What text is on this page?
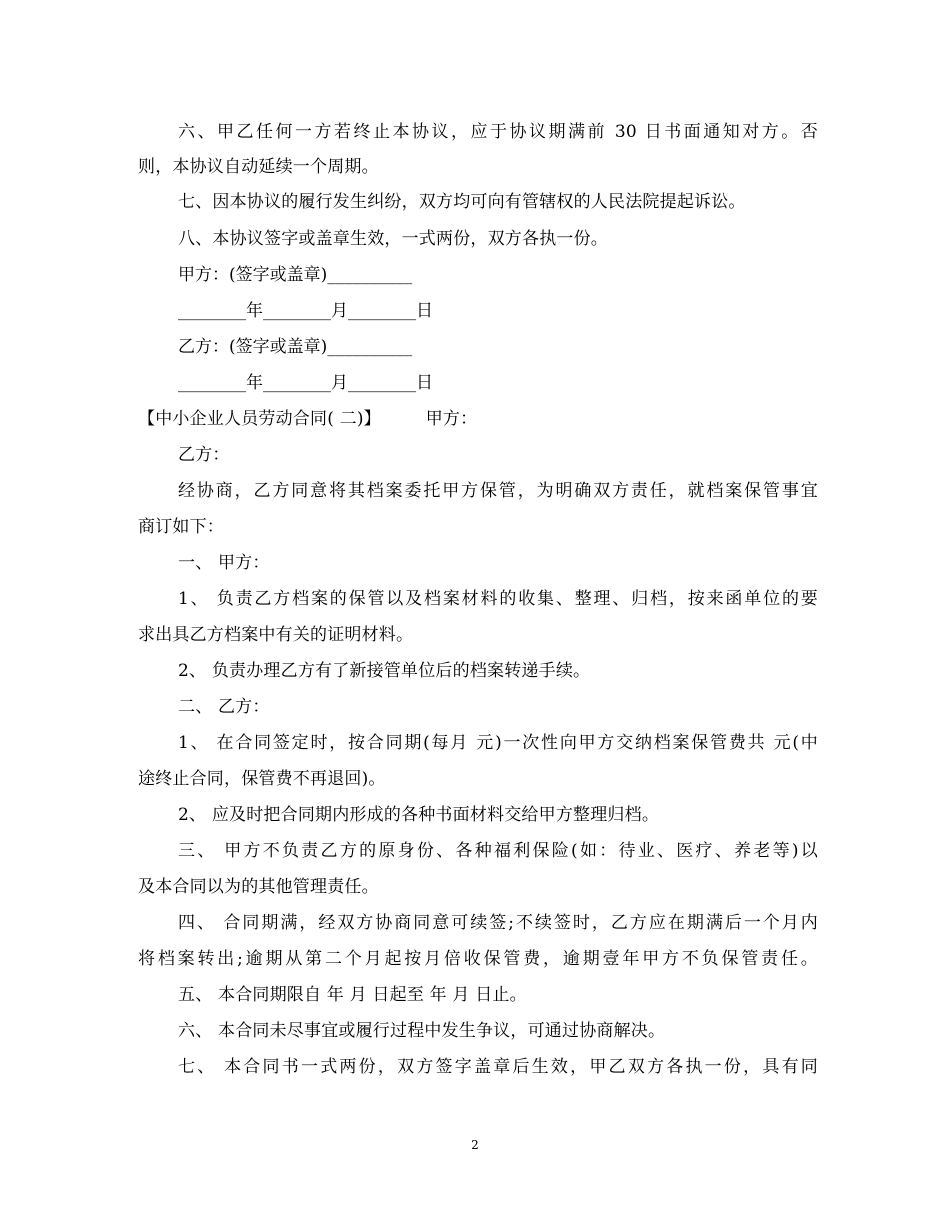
六、甲乙任何一方若终止本协议，应于协议期满前 30 日书面通知对方。否
则，本协议自动延续一个周期。
七、因本协议的履行发生纠纷，双方均可向有管辖权的人民法院提起诉讼。
八、本协议签字或盖章生效，一式两份，双方各执一份。
甲方：(签字或盖章)__________
________年________月________日
乙方：(签字或盖章)__________
________年________月________日
【中小企业人员劳动合同( 二)】        甲方：
乙方：
经协商，乙方同意将其档案委托甲方保管，为明确双方责任，就档案保管事宜
商订如下：
一、 甲方：
1、 负责乙方档案的保管以及档案材料的收集、整理、归档，按来函单位的要
求出具乙方档案中有关的证明材料。
2、 负责办理乙方有了新接管单位后的档案转递手续。
二、 乙方：
1、 在合同签定时，按合同期(每月 元)一次性向甲方交纳档案保管费共 元(中
途终止合同，保管费不再退回)。
2、 应及时把合同期内形成的各种书面材料交给甲方整理归档。
三、 甲方不负责乙方的原身份、各种福利保险(如：待业、医疗、养老等)以
及本合同以为的其他管理责任。
四、 合同期满，经双方协商同意可续签;不续签时，乙方应在期满后一个月内
将档案转出;逾期从第二个月起按月倍收保管费，逾期壹年甲方不负保管责任。
五、 本合同期限自 年 月 日起至 年 月 日止。
六、 本合同未尽事宜或履行过程中发生争议，可通过协商解决。
七、 本合同书一式两份，双方签字盖章后生效，甲乙双方各执一份，具有同
2
